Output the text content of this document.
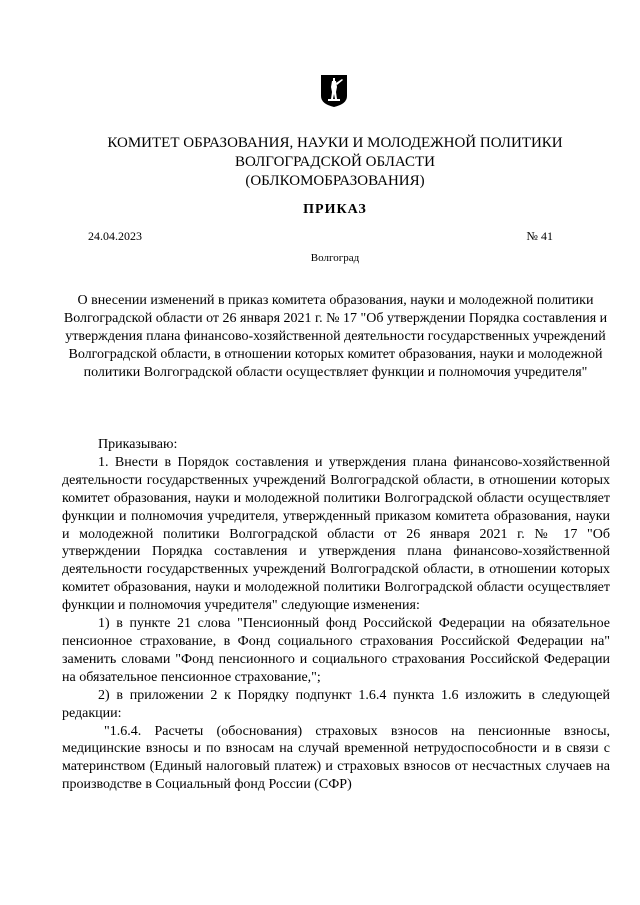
КОМИТЕТ ОБРАЗОВАНИЯ, НАУКИ И МОЛОДЕЖНОЙ ПОЛИТИКИ
ВОЛГОГРАДСКОЙ ОБЛАСТИ
(ОБЛКОМОБРАЗОВАНИЯ)
ПРИКАЗ
24.04.2023	№ 41
Волгоград
О внесении изменений в приказ комитета образования, науки и молодежной политики Волгоградской области от 26 января 2021 г. № 17 "Об утверждении Порядка составления и утверждения плана финансово-хозяйственной деятельности государственных учреждений Волгоградской области, в отношении которых комитет образования, науки и молодежной политики Волгоградской области осуществляет функции и полномочия учредителя"

Приказываю:

1. Внести в Порядок составления и утверждения плана финансово-хозяйственной деятельности государственных учреждений Волгоградской области, в отношении которых комитет образования, науки и молодежной политики Волгоградской области осуществляет функции и полномочия учредителя, утвержденный приказом комитета образования, науки и молодежной политики Волгоградской области от 26 января 2021 г. № 17 "Об утверждении Порядка составления и утверждения плана финансово-хозяйственной деятельности государственных учреждений Волгоградской области, в отношении которых комитет образования, науки и молодежной политики Волгоградской области осуществляет функции и полномочия учредителя" следующие изменения:

1) в пункте 21 слова "Пенсионный фонд Российской Федерации на обязательное пенсионное страхование, в Фонд социального страхования Российской Федерации на" заменить словами "Фонд пенсионного и социального страхования Российской Федерации на обязательное пенсионное страхование,";

2) в приложении 2 к Порядку подпункт 1.6.4 пункта 1.6 изложить в следующей редакции:

"1.6.4. Расчеты (обоснования) страховых взносов на пенсионные взносы, медицинские взносы и по взносам на случай временной нетрудоспособности и в связи с материнством (Единый налоговый платеж) и страховых взносов от несчастных случаев на производстве в Социальный фонд России (СФР)
